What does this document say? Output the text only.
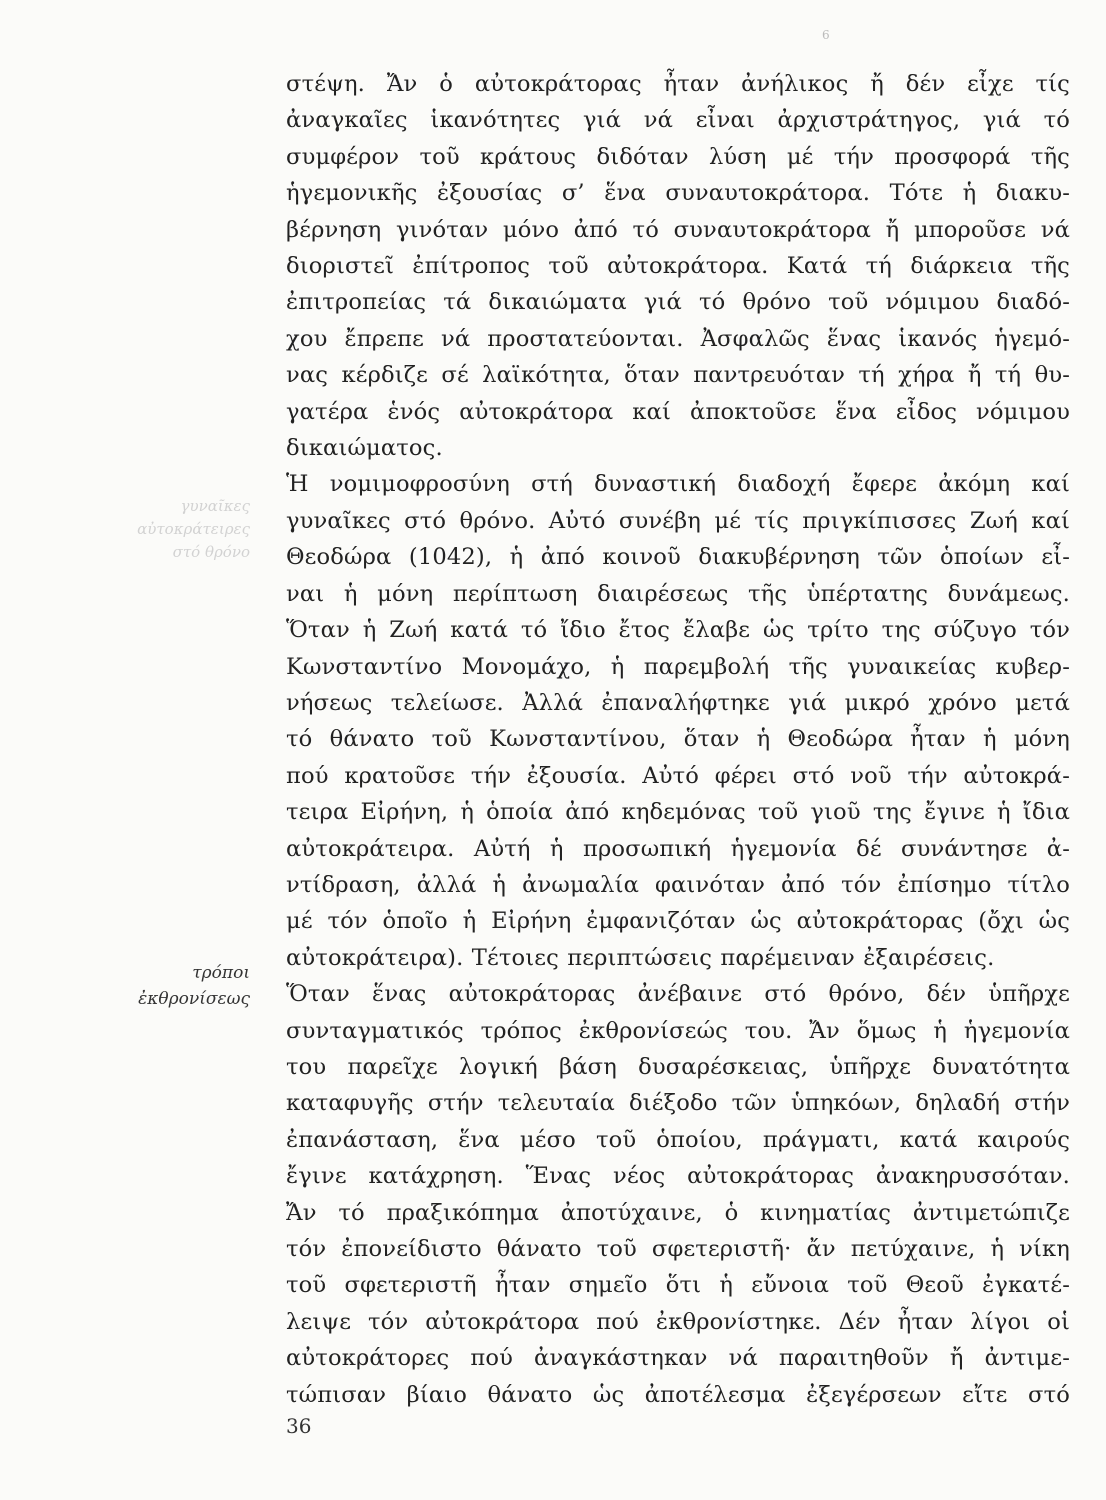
6
γυναῖκες
αὐτοκράτειρες
στό θρόνο
στέψη. Ἄν ὁ αὐτοκράτορας ἦταν ἀνήλικος ἤ δέν εἶχε τίς
ἀναγκαῖες ἱκανότητες γιά νά εἶναι ἀρχιστράτηγος, γιά τό
συμφέρον τοῦ κράτους διδόταν λύση μέ τήν προσφορά τῆς
ἡγεμονικῆς ἐξουσίας σ’ ἕνα συναυτοκράτορα. Τότε ἡ διακυ-
βέρνηση γινόταν μόνο ἀπό τό συναυτοκράτορα ἤ μποροῦσε νά
διοριστεῖ ἐπίτροπος τοῦ αὐτοκράτορα. Κατά τή διάρκεια τῆς
ἐπιτροπείας τά δικαιώματα γιά τό θρόνο τοῦ νόμιμου διαδό-
χου ἔπρεπε νά προστατεύονται. Ἀσφαλῶς ἕνας ἱκανός ἡγεμό-
νας κέρδιζε σέ λαϊκότητα, ὅταν παντρευόταν τή χήρα ἤ τή θυ-
γατέρα ἑνός αὐτοκράτορα καί ἀποκτοῦσε ἕνα εἶδος νόμιμου
δικαιώματος.
Ἡ νομιμοφροσύνη στή δυναστική διαδοχή ἔφερε ἀκόμη καί
γυναῖκες στό θρόνο. Αὐτό συνέβη μέ τίς πριγκίπισσες Ζωή καί
Θεοδώρα (1042), ἡ ἀπό κοινοῦ διακυβέρνηση τῶν ὁποίων εἶ-
ναι ἡ μόνη περίπτωση διαιρέσεως τῆς ὑπέρτατης δυνάμεως.
Ὅταν ἡ Ζωή κατά τό ἴδιο ἔτος ἔλαβε ὡς τρίτο της σύζυγο τόν
Κωνσταντίνο Μονομάχο, ἡ παρεμβολή τῆς γυναικείας κυβερ-
νήσεως τελείωσε. Ἀλλά ἐπαναλήφτηκε γιά μικρό χρόνο μετά
τό θάνατο τοῦ Κωνσταντίνου, ὅταν ἡ Θεοδώρα ἦταν ἡ μόνη
πού κρατοῦσε τήν ἐξουσία. Αὐτό φέρει στό νοῦ τήν αὐτοκρά-
τειρα Εἰρήνη, ἡ ὁποία ἀπό κηδεμόνας τοῦ γιοῦ της ἔγινε ἡ ἴδια
αὐτοκράτειρα. Αὐτή ἡ προσωπική ἡγεμονία δέ συνάντησε ἀ-
ντίδραση, ἀλλά ἡ ἀνωμαλία φαινόταν ἀπό τόν ἐπίσημο τίτλο
μέ τόν ὁποῖο ἡ Εἰρήνη ἐμφανιζόταν ὡς αὐτοκράτορας (ὄχι ὡς
αὐτοκράτειρα). Τέτοιες περιπτώσεις παρέμειναν ἐξαιρέσεις.
Ὅταν ἕνας αὐτοκράτορας ἀνέβαινε στό θρόνο, δέν ὑπῆρχε
συνταγματικός τρόπος ἐκθρονίσεώς του. Ἄν ὅμως ἡ ἡγεμονία
του παρεῖχε λογική βάση δυσαρέσκειας, ὑπῆρχε δυνατότητα
καταφυγῆς στήν τελευταία διέξοδο τῶν ὑπηκόων, δηλαδή στήν
ἐπανάσταση, ἕνα μέσο τοῦ ὁποίου, πράγματι, κατά καιρούς
ἔγινε κατάχρηση. Ἕνας νέος αὐτοκράτορας ἀνακηρυσσόταν.
Ἄν τό πραξικόπημα ἀποτύχαινε, ὁ κινηματίας ἀντιμετώπιζε
τόν ἐπονείδιστο θάνατο τοῦ σφετεριστῆ· ἄν πετύχαινε, ἡ νίκη
τοῦ σφετεριστῆ ἦταν σημεῖο ὅτι ἡ εὔνοια τοῦ Θεοῦ ἐγκατέ-
λειψε τόν αὐτοκράτορα πού ἐκθρονίστηκε. Δέν ἦταν λίγοι οἱ
αὐτοκράτορες πού ἀναγκάστηκαν νά παραιτηθοῦν ἤ ἀντιμε-
τώπισαν βίαιο θάνατο ὡς ἀποτέλεσμα ἐξεγέρσεων εἴτε στό
τρόποι
ἐκθρονίσεως
36
